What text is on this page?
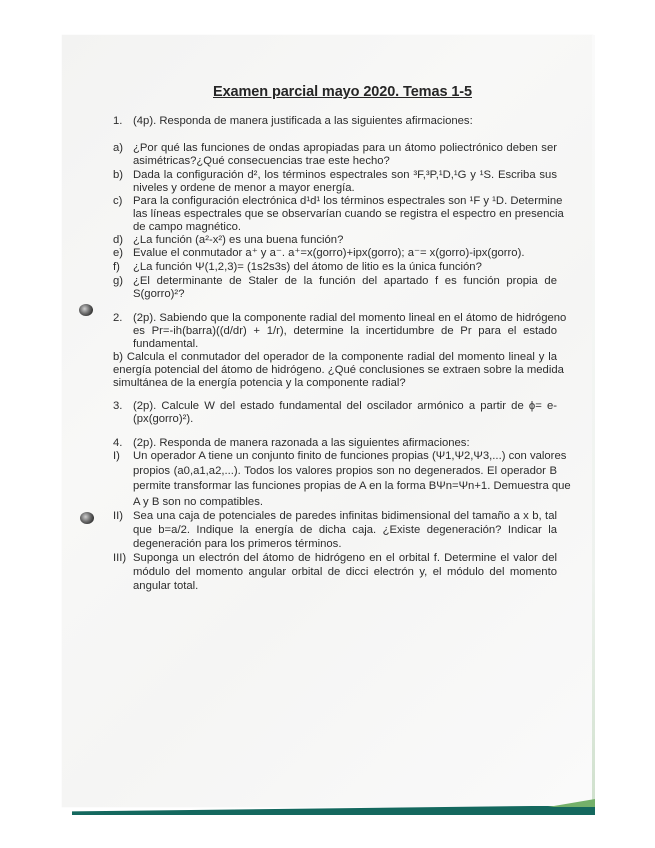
Examen parcial mayo 2020. Temas 1-5
1. (4p). Responda de manera justificada a las siguientes afirmaciones:
a) ¿Por qué las funciones de ondas apropiadas para un átomo poliectrónico deben ser
asimétricas?¿Qué consecuencias trae este hecho?
b) Dada la configuración d², los términos espectrales son ³F,³P,¹D,¹G y ¹S. Escriba sus
niveles y ordene de menor a mayor energía.
c) Para la configuración electrónica d¹d¹ los términos espectrales son ¹F y ¹D. Determine
las líneas espectrales que se observarían cuando se registra el espectro en presencia
de campo magnético.
d) ¿La función (a²-x²) es una buena función?
e) Evalue el conmutador a⁺ y a⁻. a⁺=x(gorro)+ipx(gorro); a⁻= x(gorro)-ipx(gorro).
f) ¿La función Ψ(1,2,3)= (1s2s3s) del átomo de litio es la única función?
g) ¿El determinante de Staler de la función del apartado f es función propia de
S(gorro)²?
2. (2p). Sabiendo que la componente radial del momento lineal en el átomo de hidrógeno
es Pr=-ih(barra)((d/dr) + 1/r), determine la incertidumbre de Pr para el estado
fundamental.
b) Calcula el conmutador del operador de la componente radial del momento lineal y la
energía potencial del átomo de hidrógeno. ¿Qué conclusiones se extraen sobre la medida
simultánea de la energía potencia y la componente radial?
3. (2p). Calcule W del estado fundamental del oscilador armónico a partir de ϕ= e-
(px(gorro)²).
4. (2p). Responda de manera razonada a las siguientes afirmaciones:
I) Un operador A tiene un conjunto finito de funciones propias (Ψ1,Ψ2,Ψ3,...) con valores
propios (a0,a1,a2,...). Todos los valores propios son no degenerados. El operador B
permite transformar las funciones propias de A en la forma BΨn=Ψn+1. Demuestra que
A y B son no compatibles.
II) Sea una caja de potenciales de paredes infinitas bidimensional del tamaño a x b, tal
que b=a/2. Indique la energía de dicha caja. ¿Existe degeneración? Indicar la
degeneración para los primeros términos.
III) Suponga un electrón del átomo de hidrógeno en el orbital f. Determine el valor del
módulo del momento angular orbital de dicci electrón y, el módulo del momento
angular total.
